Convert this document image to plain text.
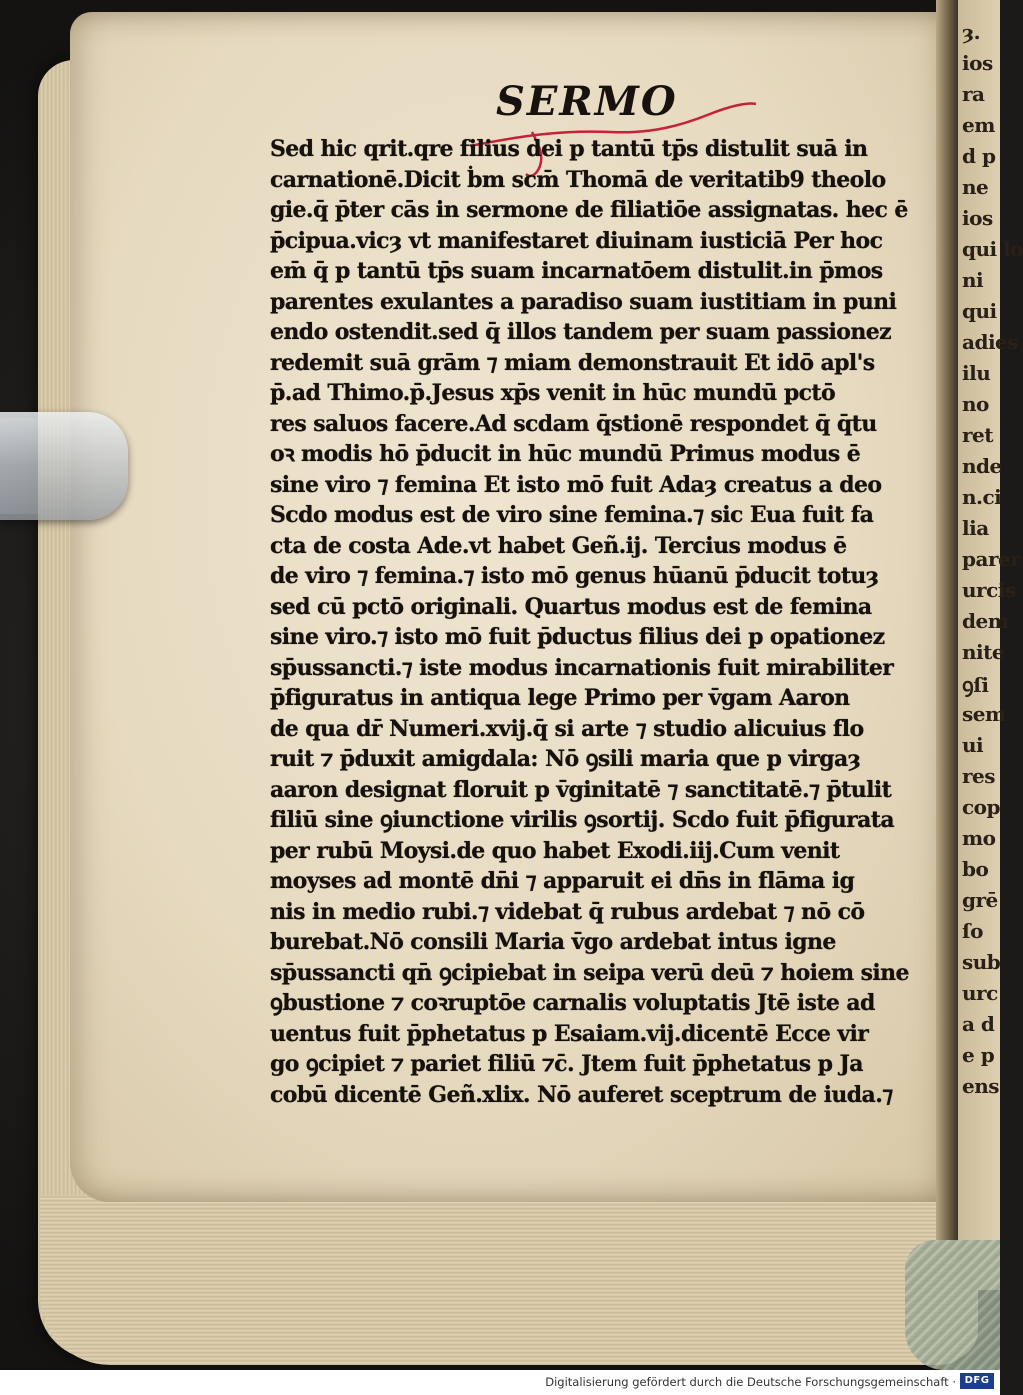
ȝ.
ios
ra
em
d p
ne
ios
qui lo
ni
qui
adies
ilu
no
ret
nde
n.ci
lia
parer
urcis
dem
nite
ꝯſi
sem
ui
res
cop
mo
bo
grē
ſo
sub
urc
a d
e p
ens
SERMO
Sed hic qrit.qre filius dei p tantū tp̄s distulit suā in
carnationē.Dicit ḃm scm̄ Thomā de veritatib9 theolo
gie.q̄ p̄ter cās in sermone de filiatiōe assignatas. hec ē
p̄cipua.vicȝ vt manifestaret diuinam iusticiā Per hoc
em̄ q̄ p tantū tp̄s suam incarnatōem distulit.in p̄mos
parentes exulantes a paradiso suam iustitiam in puni
endo ostendit.sed q̄ illos tandem per suam passionez
redemit suā grām ⁊ miam demonstrauit Et idō apl's
p̄.ad Thimo.p̄.Jesus xp̄s venit in hūc mundū pctō
res saluos facere.Ad scdam q̄stionē respondet q̄ q̄tu
oꝛ modis hō p̄ducit in hūc mundū Primus modus ē
sine viro ⁊ femina Et isto mō fuit Adaȝ creatus a deo
Scdo modus est de viro sine femina.⁊ sic Eua fuit fa
cta de costa Ade.vt habet Geñ.ij. Tercius modus ē
de viro ⁊ femina.⁊ isto mō genus hūanū p̄ducit totuȝ
sed cū pctō originali. Quartus modus est de femina
sine viro.⁊ isto mō fuit p̄ductus filius dei p opationez
sp̄ussancti.⁊ iste modus incarnationis fuit mirabiliter
p̄figuratus in antiqua lege Primo per v̄gam Aaron
de qua dr̄ Numeri.xvij.q̄ si arte ⁊ studio alicuius flo
ruit ⁊ p̄duxit amigdala: Nō ꝯsili maria que p virgaȝ
aaron designat floruit p v̄ginitatē ⁊ sanctitatē.⁊ p̄tulit
filiū sine ꝯiunctione virilis ꝯsortij. Scdo fuit p̄figurata
per rubū Moysi.de quo habet Exodi.iij.Cum venit
moyses ad montē dn̄i ⁊ apparuit ei dn̄s in flāma ig
nis in medio rubi.⁊ videbat q̄ rubus ardebat ⁊ nō cō
burebat.Nō consili Maria v̄go ardebat intus igne
sp̄ussancti qn̄ ꝯcipiebat in seipa verū deū ⁊ hoiem sine
ꝯbustione ⁊ coꝛruptōe carnalis voluptatis Jtē iste ad
uentus fuit p̄phetatus p Esaiam.vij.dicentē Ecce vir
go ꝯcipiet ⁊ pariet filiū ⁊c̄. Jtem fuit p̄phetatus p Ja
cobū dicentē Geñ.xlix. Nō auferet sceptrum de iuda.⁊
Digitalisierung gefördert durch die Deutsche Forschungsgemeinschaft · DFG
